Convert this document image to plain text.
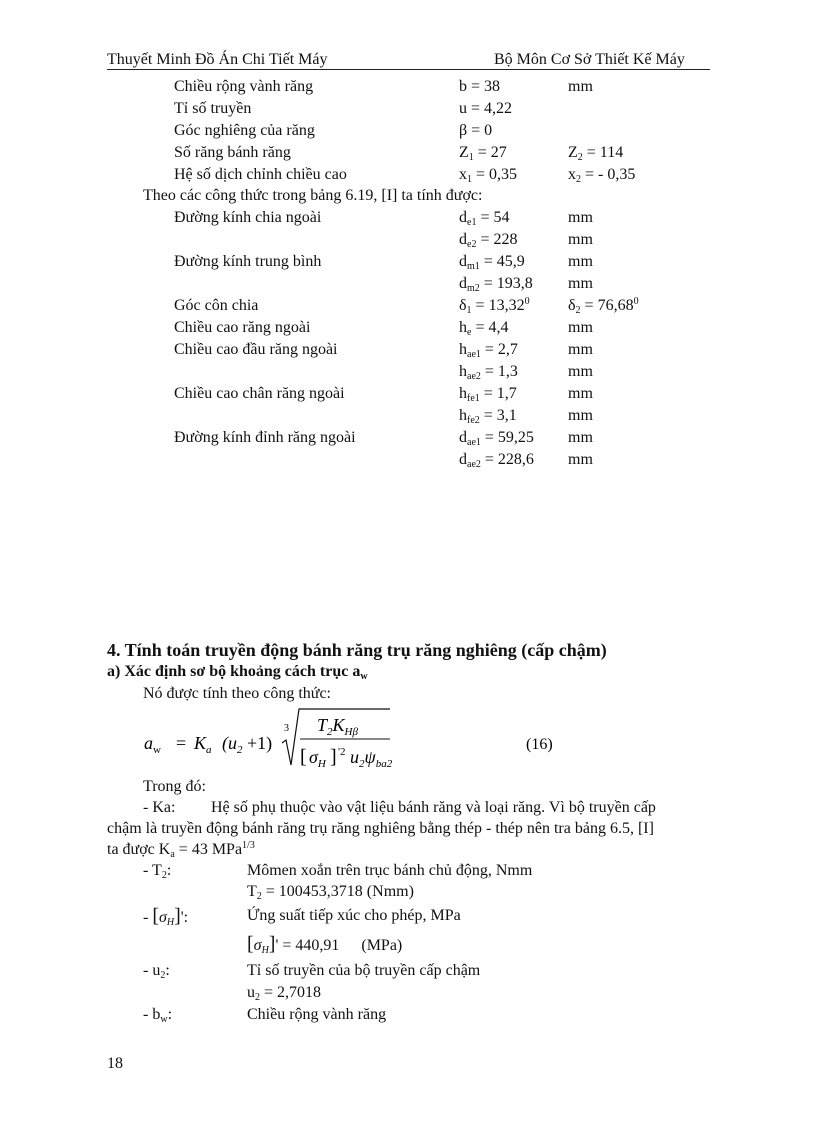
Thuyết Minh Đồ Án Chi Tiết Máy	Bộ Môn Cơ Sở Thiết Kế Máy
Chiều rộng vành răng	b = 38	mm
Tỉ số truyền	u = 4,22
Góc nghiêng của răng	β = 0
Số răng bánh răng	$Z_1 = 27$	$Z_2 = 114$
Hệ số dịch chỉnh chiều cao	$x_1 = 0,35$	$x_2$ = - 0,35
Theo các công thức trong bảng 6.19, [I] ta tính được:
Đường kính chia ngoài	$d_{e1} = 54$	mm
$d_{e2} = 228$	mm
Đường kính trung bình	$d_{m1} = 45,9$	mm
$d_{m2} = 193,8$ mm
Góc côn chia	$\delta_1 = 13,32^0$ $\delta_2 = 76,68^0$
Chiều cao răng ngoài	$h_e = 4,4$	mm
Chiều cao đầu răng ngoài	$h_{ae1} = 2,7$	mm
$h_{ae2} = 1,3$	mm
Chiều cao chân răng ngoài	$h_{fe1} = 1,7$	mm
$h_{fe2} = 3,1$	mm
Đường kính đỉnh răng ngoài	$d_{ae1} = 59,25$ mm
$d_{ae2} = 228,6$ mm
4. Tính toán truyền động bánh răng trụ răng nghiêng (cấp chậm)
a) Xác định sơ bộ khoảng cách trục $a_w$
Nó được tính theo công thức:
$a_w = K_a$ $(u_2 +1)$
3 $T_2K_{H\beta}$
[ $\sigma_H$ ] '2 $u_2\psi_{ba2}$
(16)
Trong đó:
- Ka: Hệ số phụ thuộc vào vật liệu bánh răng và loại răng. Vì bộ truyền cấp
chậm là truyền động bánh răng trụ răng nghiêng bằng thép - thép nên tra bảng 6.5, [I]
ta được $K_a = 43$ MPa$^{1/3}$
- $T_2$:	Mômen xoắn trên trục bánh chủ động, Nmm
$T_2 = 100453,3718$ (Nmm)
- $[\sigma_H]'$:	Ứng suất tiếp xúc cho phép, MPa
$[\sigma_H]' = 440,91$ (MPa)
- $u_2$:	Tỉ số truyền của bộ truyền cấp chậm
$u_2 = 2,7018$
- $b_w$:	Chiều rộng vành răng
18
